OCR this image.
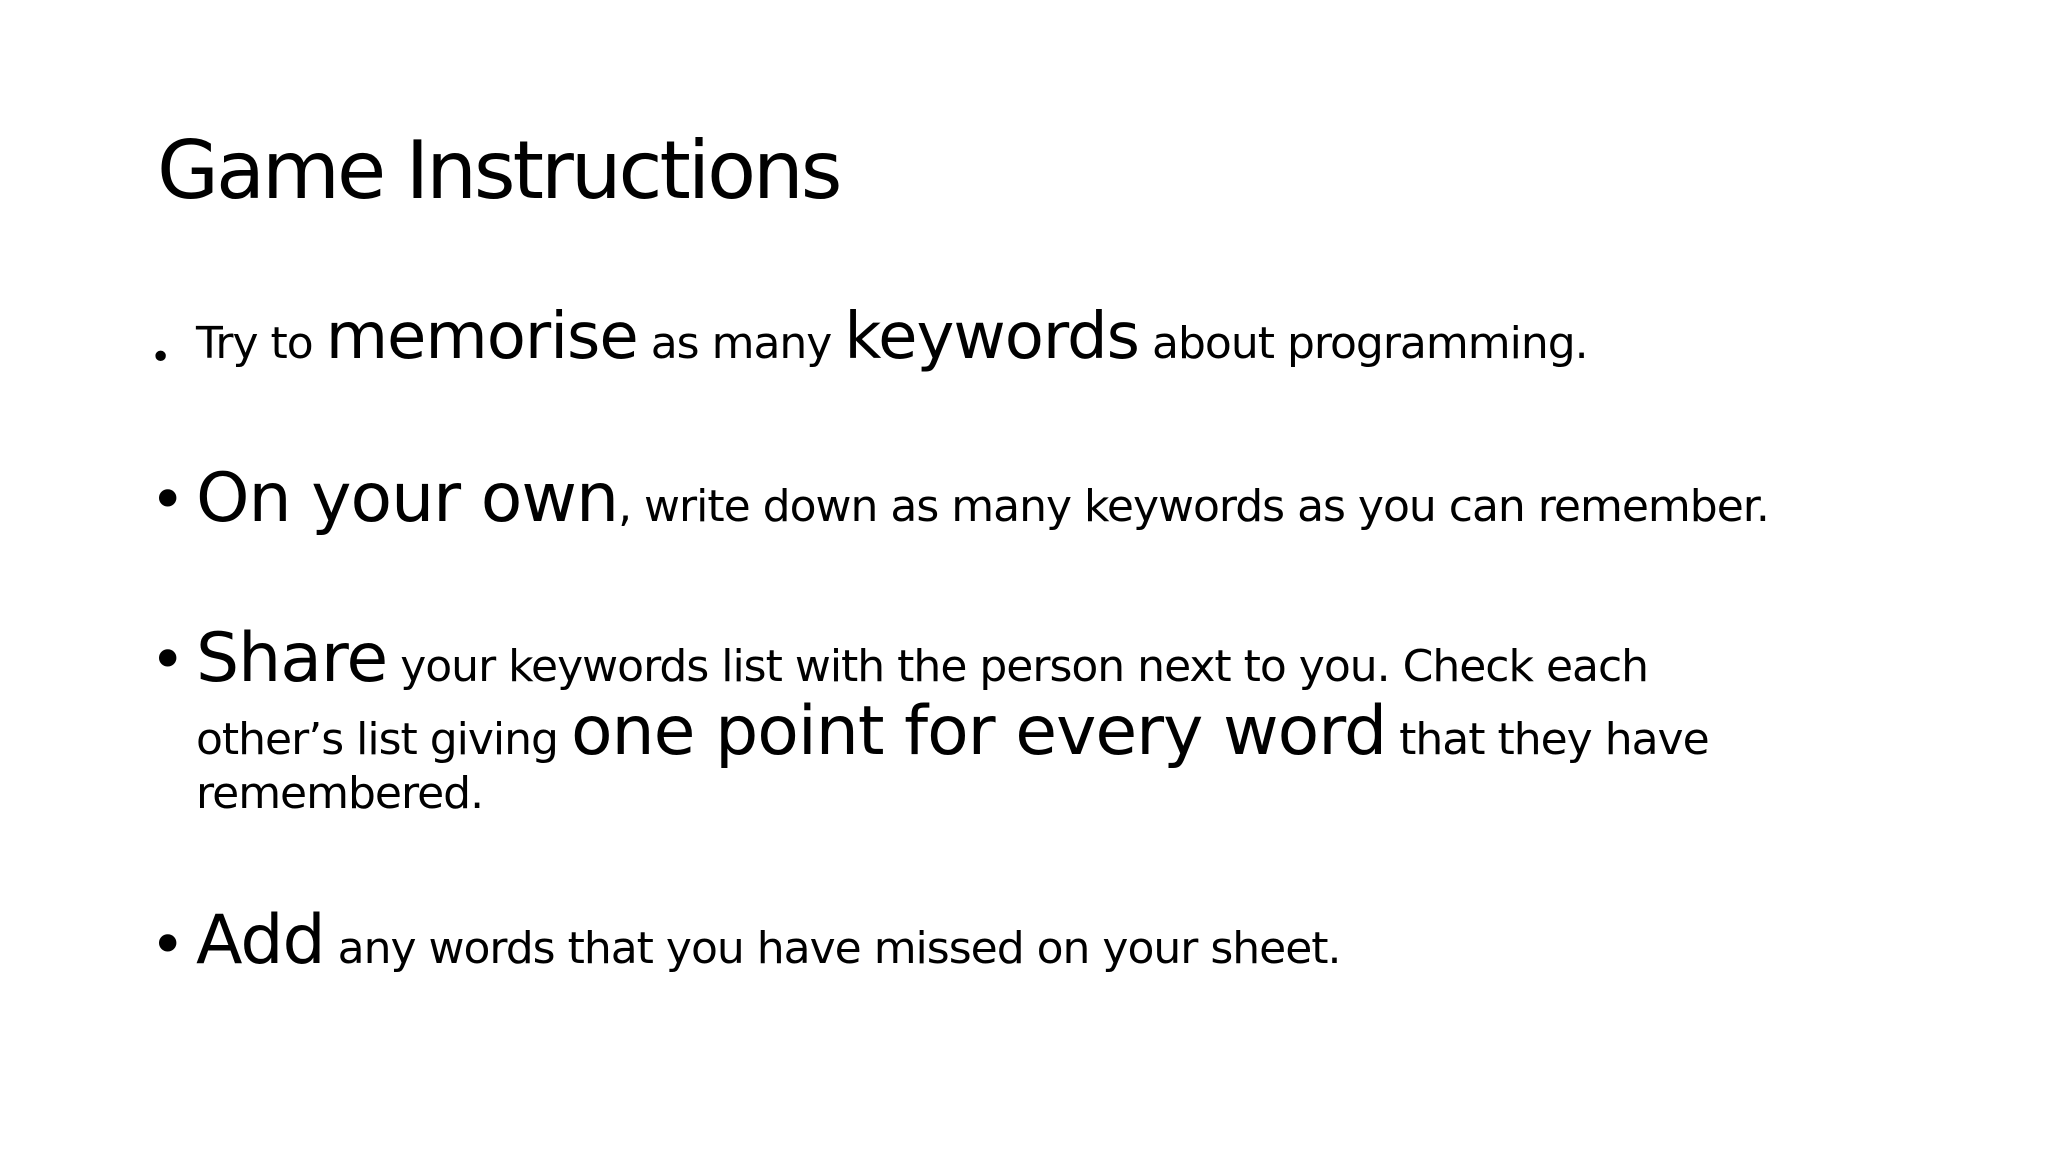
Game Instructions
• Try to memorise as many keywords about programming.
• On your own, write down as many keywords as you can remember.
• Share your keywords list with the person next to you. Check each
other’s list giving one point for every word that they have
remembered.
• Add any words that you have missed on your sheet.
